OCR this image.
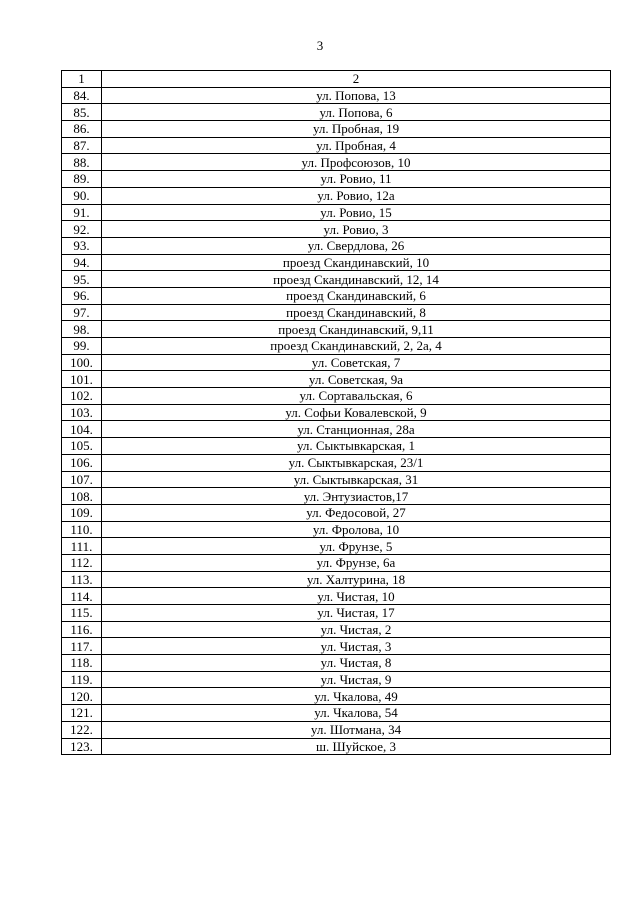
3
1	2
84.	ул. Попова, 13
85.	ул. Попова, 6
86.	ул. Пробная, 19
87.	ул. Пробная, 4
88.	ул. Профсоюзов, 10
89.	ул. Ровио, 11
90.	ул. Ровио, 12а
91.	ул. Ровио, 15
92.	ул. Ровио, 3
93.	ул. Свердлова, 26
94.	проезд Скандинавский, 10
95.	проезд Скандинавский, 12, 14
96.	проезд Скандинавский, 6
97.	проезд Скандинавский, 8
98.	проезд Скандинавский, 9,11
99.	проезд Скандинавский, 2, 2а, 4
100.	ул. Советская, 7
101.	ул. Советская, 9а
102.	ул. Сортавальская, 6
103.	ул. Софьи Ковалевской, 9
104.	ул. Станционная, 28а
105.	ул. Сыктывкарская, 1
106.	ул. Сыктывкарская, 23/1
107.	ул. Сыктывкарская, 31
108.	ул. Энтузиастов,17
109.	ул. Федосовой, 27
110.	ул. Фролова, 10
111.	ул. Фрунзе, 5
112.	ул. Фрунзе, 6а
113.	ул. Халтурина, 18
114.	ул. Чистая, 10
115.	ул. Чистая, 17
116.	ул. Чистая, 2
117.	ул. Чистая, 3
118.	ул. Чистая, 8
119.	ул. Чистая, 9
120.	ул. Чкалова, 49
121.	ул. Чкалова, 54
122.	ул. Шотмана, 34
123.	ш. Шуйское, 3
